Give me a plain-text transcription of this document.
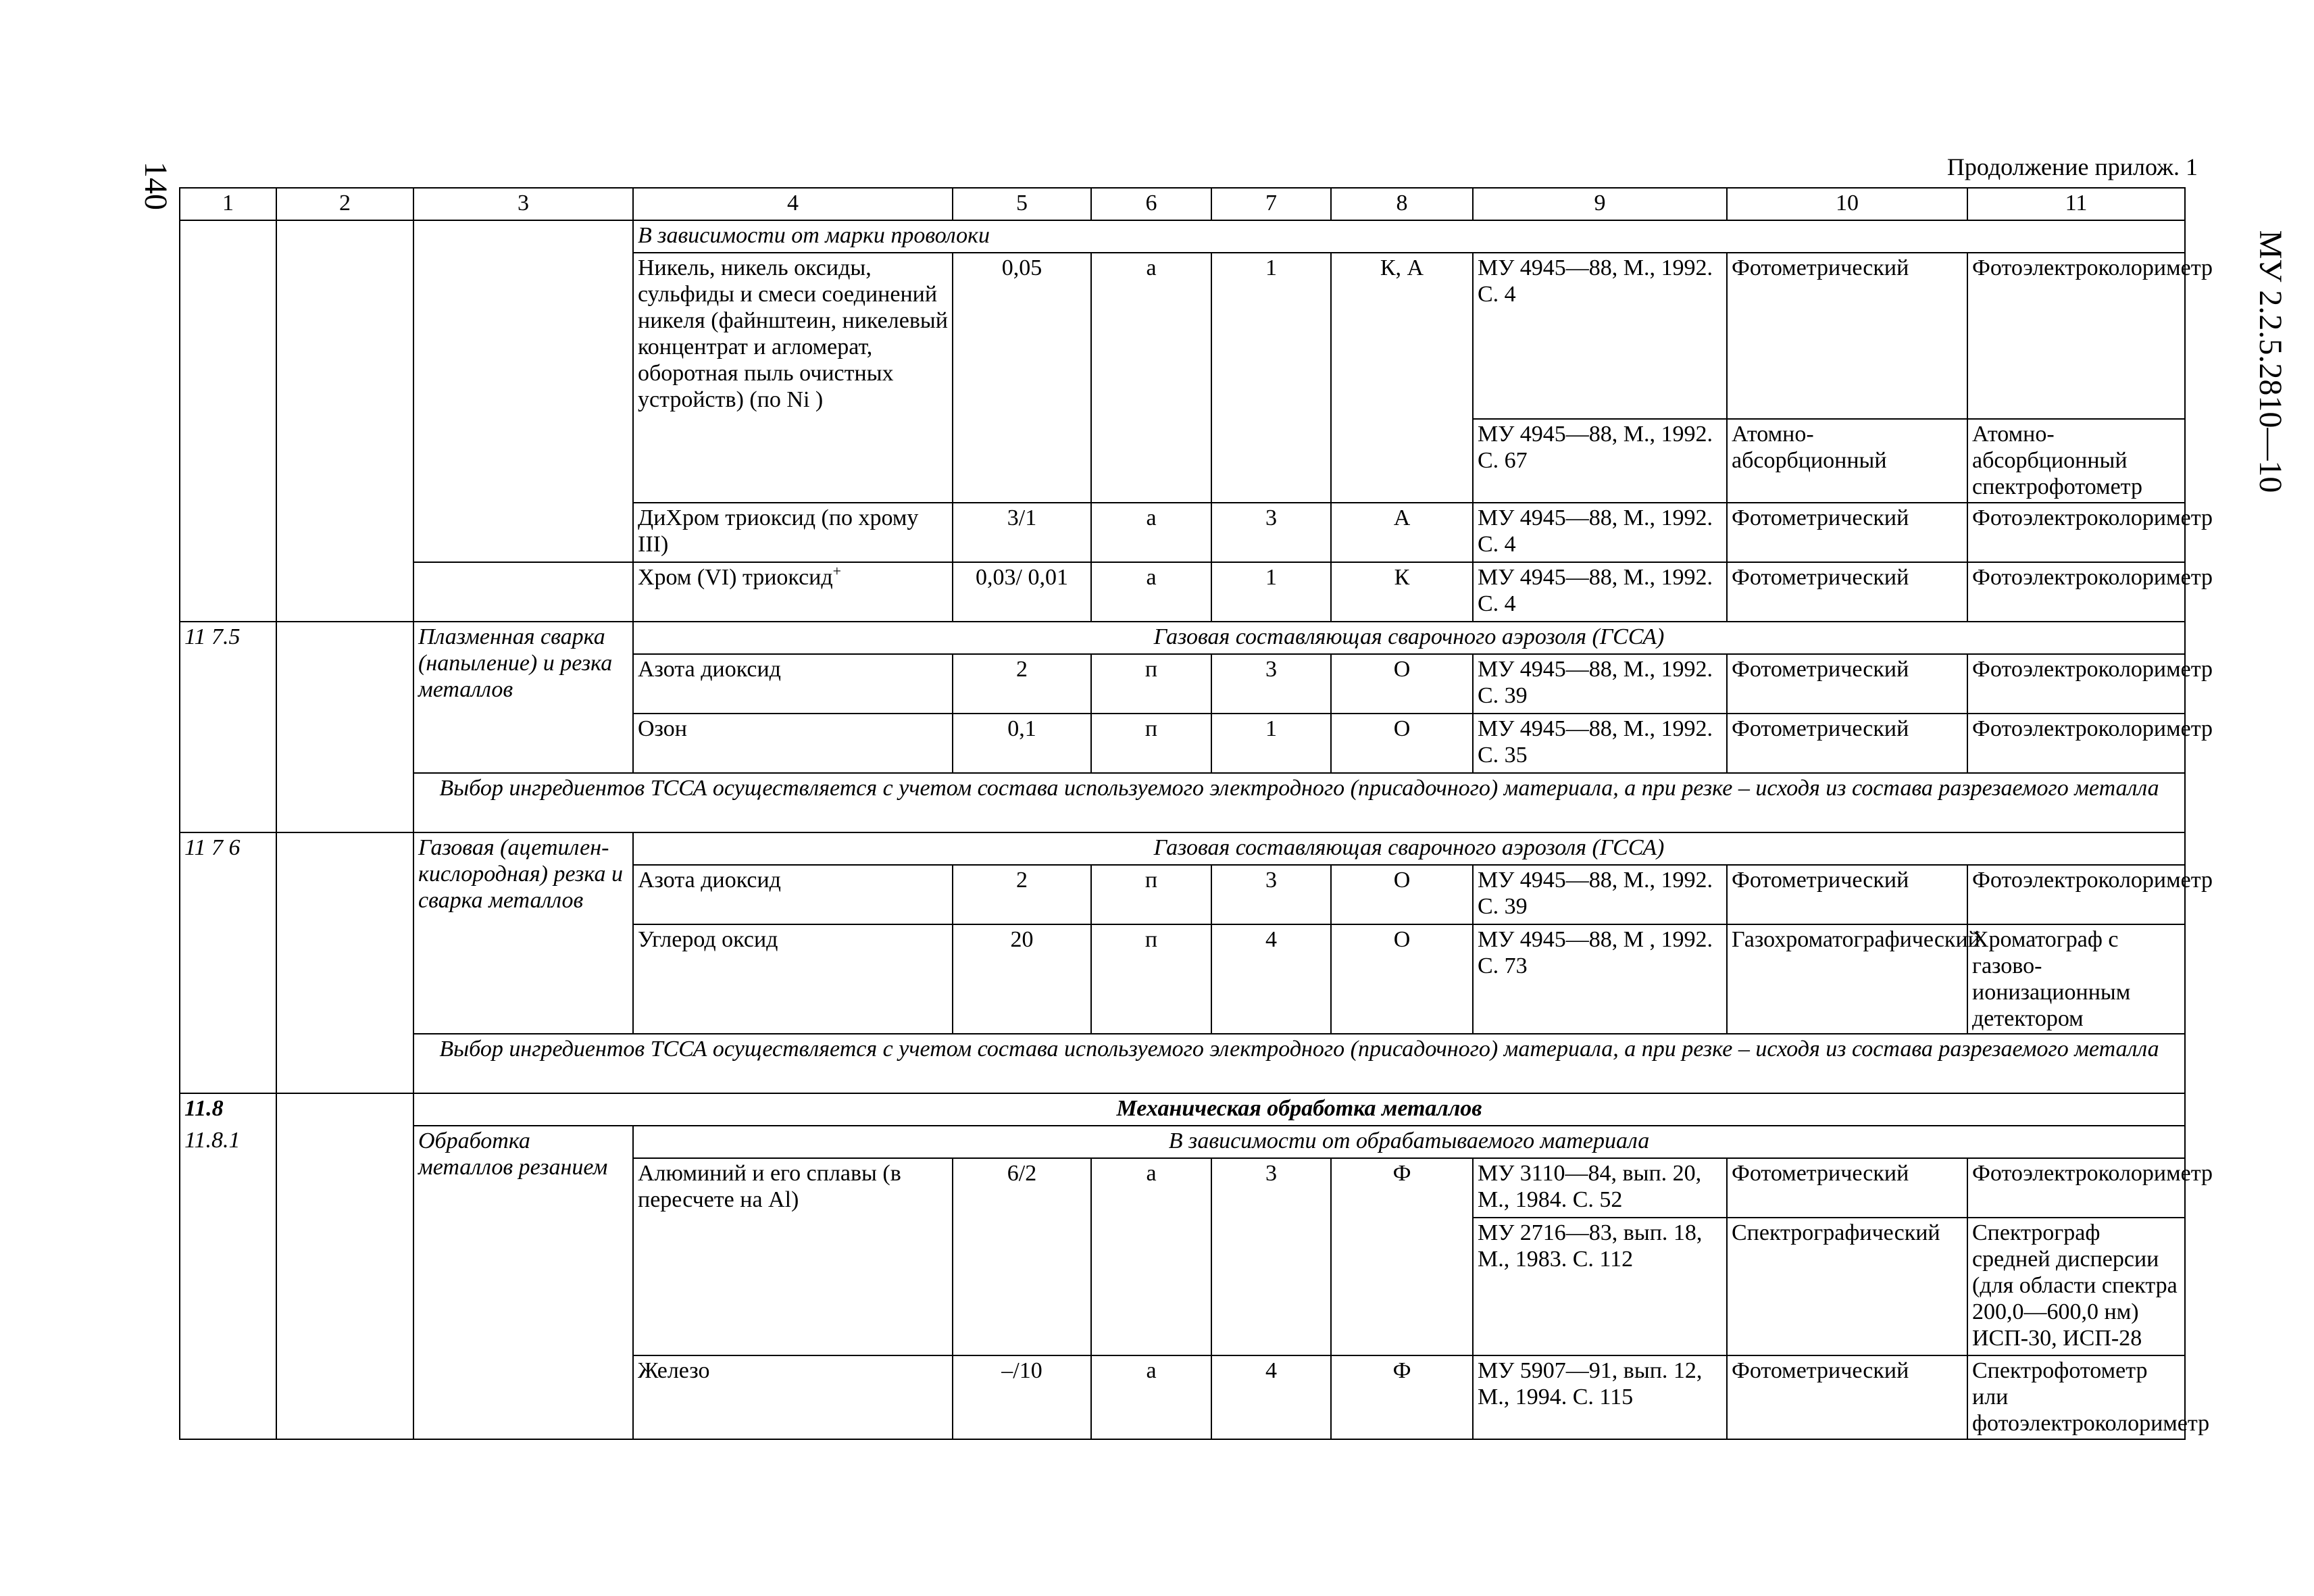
140
МУ 2.2.5.2810—10
Продолжение прилож. 1
1	2	3	4	5	6	7	8	9	10	11
			В зависимости от марки проволоки							
			Никель, никель оксиды, сульфиды и смеси соединений никеля (файнштеин, никелевый концентрат и агломерат, оборотная пыль очистных устройств) (по Ni )	0,05	а	1	К, А	МУ 4945—88, М., 1992. С. 4	Фотометрический	Фотоэлектроколориметр
								МУ 4945—88, М., 1992. С. 67	Атомно-абсорбционный	Атомно-абсорбционный спектрофотометр
			ДиХром триоксид (по хрому III)	3/1	а	3	А	МУ 4945—88, М., 1992. С. 4	Фотометрический	Фотоэлектроколориметр
			Хром (VI) триоксид+	0,03/ 0,01	а	1	К	МУ 4945—88, М., 1992. С. 4	Фотометрический	Фотоэлектроколориметр
11 7.5		Плазменная сварка (напыление) и резка металлов	Газовая составляющая сварочного аэрозоля (ГССА)							
			Азота диоксид	2	п	3	О	МУ 4945—88, М., 1992. С. 39	Фотометрический	Фотоэлектроколориметр
			Озон	0,1	п	1	О	МУ 4945—88, М., 1992. С. 35	Фотометрический	Фотоэлектроколориметр
		Выбор ингредиентов ТССА осуществляется с учетом состава используемого электродного (присадочного) материала, а при резке – исходя из состава разрезаемого металла								
11 7 6		Газовая (ацетилен-кислородная) резка и сварка металлов	Газовая составляющая сварочного аэрозоля (ГССА)							
			Азота диоксид	2	п	3	О	МУ 4945—88, М., 1992. С. 39	Фотометрический	Фотоэлектроколориметр
			Углерод оксид	20	п	4	О	МУ 4945—88, М , 1992. С. 73	Газохроматографический	Хроматограф с газово-ионизационным детектором
		Выбор ингредиентов ТССА осуществляется с учетом состава используемого электродного (присадочного) материала, а при резке – исходя из состава разрезаемого металла								
11.8		Механическая обработка металлов								
11.8.1		Обработка металлов резанием	В зависимости от обрабатываемого материала							
			Алюминий и его сплавы (в пересчете на Al)	6/2	а	3	Ф	МУ 3110—84, вып. 20, М., 1984. С. 52	Фотометрический	Фотоэлектроколориметр
								МУ 2716—83, вып. 18, М., 1983. С. 112	Спектрографический	Спектрограф средней дисперсии (для области спектра 200,0—600,0 нм) ИСП-30, ИСП-28
			Железо	–/10	а	4	Ф	МУ 5907—91, вып. 12, М., 1994. С. 115	Фотометрический	Спектрофотометр или фотоэлектроколориметр
